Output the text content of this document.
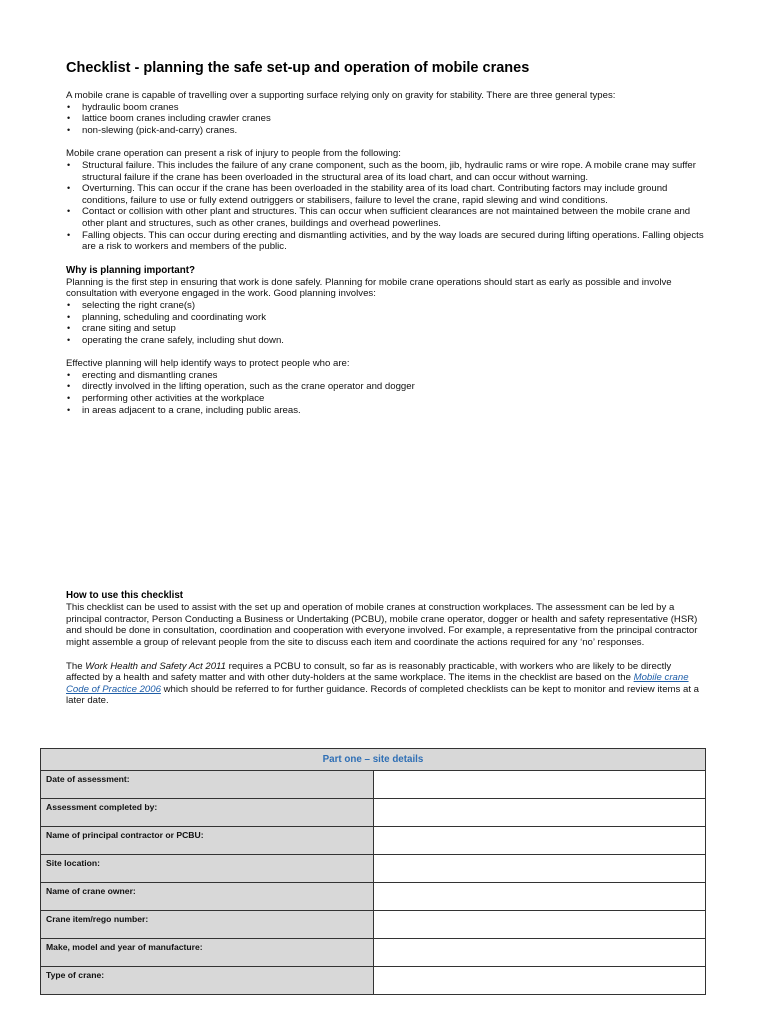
Checklist - planning the safe set-up and operation of mobile cranes

A mobile crane is capable of travelling over a supporting surface relying only on gravity for stability. There are three general types:

• hydraulic boom cranes
• lattice boom cranes including crawler cranes
• non-slewing (pick-and-carry) cranes.

Mobile crane operation can present a risk of injury to people from the following:

• Structural failure. This includes the failure of any crane component, such as the boom, jib, hydraulic rams or wire rope. A mobile crane may suffer structural failure if the crane has been overloaded in the structural area of its load chart, and can occur without warning.
• Overturning. This can occur if the crane has been overloaded in the stability area of its load chart. Contributing factors may include ground conditions, failure to use or fully extend outriggers or stabilisers, failure to level the crane, rapid slewing and wind conditions.
• Contact or collision with other plant and structures. This can occur when sufficient clearances are not maintained between the mobile crane and other plant and structures, such as other cranes, buildings and overhead powerlines.
• Falling objects. This can occur during erecting and dismantling activities, and by the way loads are secured during lifting operations. Falling objects are a risk to workers and members of the public.
Why is planning important?

Planning is the first step in ensuring that work is done safely. Planning for mobile crane operations should start as early as possible and involve consultation with everyone engaged in the work. Good planning involves:

• selecting the right crane(s)
• planning, scheduling and coordinating work
• crane siting and setup
• operating the crane safely, including shut down.

Effective planning will help identify ways to protect people who are:

• erecting and dismantling cranes
• directly involved in the lifting operation, such as the crane operator and dogger
• performing other activities at the workplace
• in areas adjacent to a crane, including public areas.
How to use this checklist

This checklist can be used to assist with the set up and operation of mobile cranes at construction workplaces. The assessment can be led by a principal contractor, Person Conducting a Business or Undertaking (PCBU), mobile crane operator, dogger or health and safety representative (HSR) and should be done in consultation, coordination and cooperation with everyone involved. For example, a representative from the principal contractor might assemble a group of relevant people from the site to discuss each item and coordinate the actions required for any ‘no’ responses.

The Work Health and Safety Act 2011 requires a PCBU to consult, so far as is reasonably practicable, with workers who are likely to be directly affected by a health and safety matter and with other duty-holders at the same workplace. The items in the checklist are based on the Mobile crane Code of Practice 2006 which should be referred to for further guidance. Records of completed checklists can be kept to monitor and review items at a later date.

Part one – site details	
Date of assessment:	
Assessment completed by:	
Name of principal contractor or PCBU:	
Site location:	
Name of crane owner:	
Crane item/rego number:	
Make, model and year of manufacture:	
Type of crane:	
